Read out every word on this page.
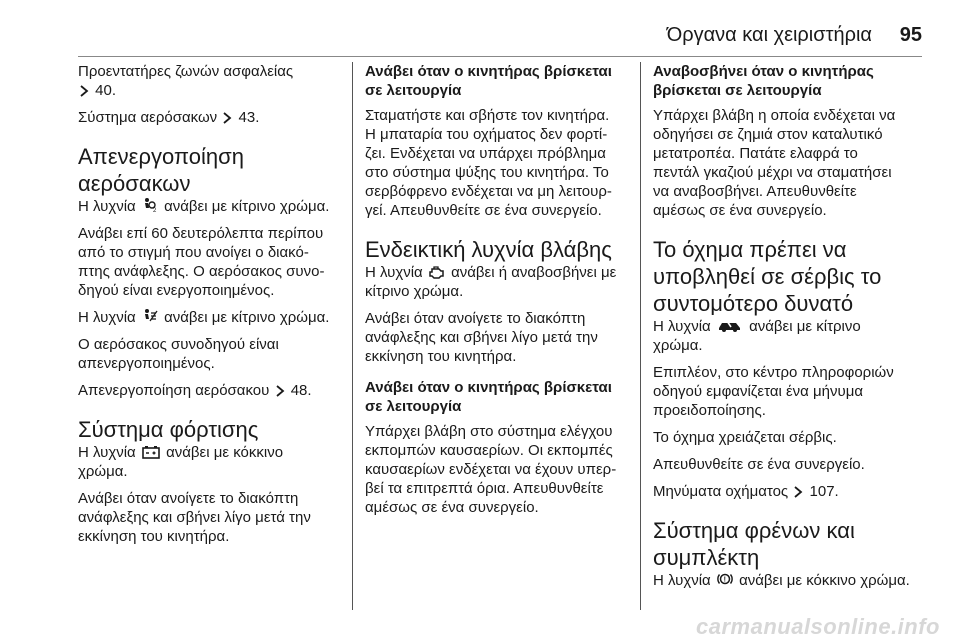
Όργανα και χειριστήρια 95

Προεντατήρες ζωνών ασφαλείας
40.

Σύστημα αερόσακων 43.

Απενεργοποίηση
αερόσακων

Η λυχνία	2 ανάβει με κίτρινο χρώμα.

Ανάβει επί 60 δευτερόλεπτα περίπου
από το στιγμή που ανοίγει ο διακό-
πτης ανάφλεξης. Ο αερόσακος συνο-
δηγού είναι ενεργοποιημένος.

Η λυχνία ανάβει με κίτρινο χρώμα.

Ο αερόσακος συνοδηγού είναι
απενεργοποιημένος.

Απενεργοποίηση αερόσακου 48.

Σύστημα φόρτισης

Η λυχνία ανάβει με κόκκινο
χρώμα.

Ανάβει όταν ανοίγετε το διακόπτη
ανάφλεξης και σβήνει λίγο μετά την
εκκίνηση του κινητήρα.

Ανάβει όταν ο κινητήρας βρίσκεται
σε λειτουργία

Σταματήστε και σβήστε τον κινητήρα.
Η μπαταρία του οχήματος δεν φορτί-
ζει. Ενδέχεται να υπάρχει πρόβλημα
στο σύστημα ψύξης του κινητήρα. Το
σερβόφρενο ενδέχεται να μη λειτουρ-
γεί. Απευθυνθείτε σε ένα συνεργείο.

Ενδεικτική λυχνία βλάβης

Η λυχνία ανάβει ή αναβοσβήνει με
κίτρινο χρώμα.

Ανάβει όταν ανοίγετε το διακόπτη
ανάφλεξης και σβήνει λίγο μετά την
εκκίνηση του κινητήρα.

Ανάβει όταν ο κινητήρας βρίσκεται
σε λειτουργία

Υπάρχει βλάβη στο σύστημα ελέγχου
εκπομπών καυσαερίων. Οι εκπομπές
καυσαερίων ενδέχεται να έχουν υπερ-
βεί τα επιτρεπτά όρια. Απευθυνθείτε
αμέσως σε ένα συνεργείο.

Αναβοσβήνει όταν ο κινητήρας
βρίσκεται σε λειτουργία

Υπάρχει βλάβη η οποία ενδέχεται να
οδηγήσει σε ζημιά στον καταλυτικό
μετατροπέα. Πατάτε ελαφρά το
πεντάλ γκαζιού μέχρι να σταματήσει
να αναβοσβήνει. Απευθυνθείτε
αμέσως σε ένα συνεργείο.

Το όχημα πρέπει να
υποβληθεί σε σέρβις το
συντομότερο δυνατό

Η λυχνία	ανάβει με κίτρινο
χρώμα.

Επιπλέον, στο κέντρο πληροφοριών
οδηγού εμφανίζεται ένα μήνυμα
προειδοποίησης.

Το όχημα χρειάζεται σέρβις.

Απευθυνθείτε σε ένα συνεργείο.

Μηνύματα οχήματος 107.

Σύστημα φρένων και
συμπλέκτη

Η λυχνία ! ανάβει με κόκκινο χρώμα.

carmanualsonline.info
